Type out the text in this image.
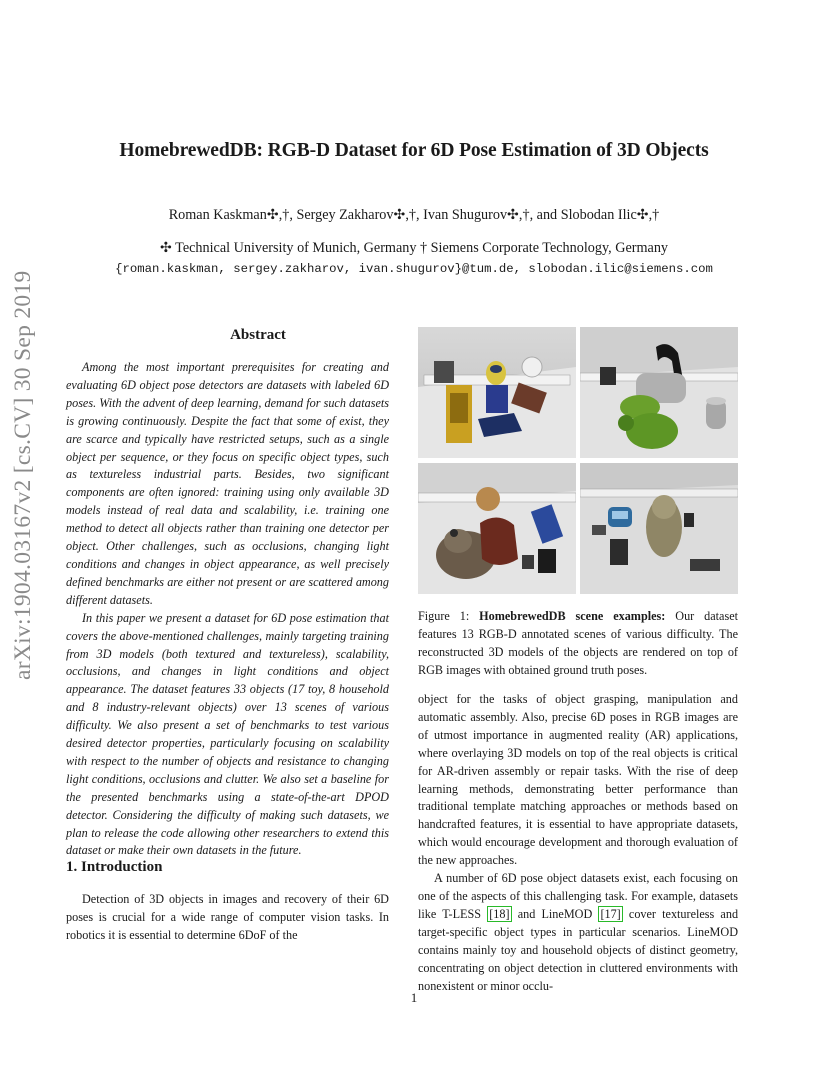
arXiv:1904.03167v2 [cs.CV] 30 Sep 2019
HomebrewedDB: RGB-D Dataset for 6D Pose Estimation of 3D Objects
Roman Kaskman✣,†, Sergey Zakharov✣,†, Ivan Shugurov✣,†, and Slobodan Ilic✣,†
✣ Technical University of Munich, Germany † Siemens Corporate Technology, Germany
{roman.kaskman, sergey.zakharov, ivan.shugurov}@tum.de, slobodan.ilic@siemens.com
Abstract

Among the most important prerequisites for creating and evaluating 6D object pose detectors are datasets with labeled 6D poses. With the advent of deep learning, demand for such datasets is growing continuously. Despite the fact that some of exist, they are scarce and typically have restricted setups, such as a single object per sequence, or they focus on specific object types, such as textureless industrial parts. Besides, two significant components are often ignored: training using only available 3D models instead of real data and scalability, i.e. training one method to detect all objects rather than training one detector per object. Other challenges, such as occlusions, changing light conditions and changes in object appearance, as well precisely defined benchmarks are either not present or are scattered among different datasets.

In this paper we present a dataset for 6D pose estimation that covers the above-mentioned challenges, mainly targeting training from 3D models (both textured and textureless), scalability, occlusions, and changes in light conditions and object appearance. The dataset features 33 objects (17 toy, 8 household and 8 industry-relevant objects) over 13 scenes of various difficulty. We also present a set of benchmarks to test various desired detector properties, particularly focusing on scalability with respect to the number of objects and resistance to changing light conditions, occlusions and clutter. We also set a baseline for the presented benchmarks using a state-of-the-art DPOD detector. Considering the difficulty of making such datasets, we plan to release the code allowing other researchers to extend this dataset or make their own datasets in the future.

1. Introduction

Detection of 3D objects in images and recovery of their 6D poses is crucial for a wide range of computer vision tasks. In robotics it is essential to determine 6DoF of the

Figure 1: HomebrewedDB scene examples: Our dataset features 13 RGB-D annotated scenes of various difficulty. The reconstructed 3D models of the objects are rendered on top of RGB images with obtained ground truth poses.

object for the tasks of object grasping, manipulation and automatic assembly. Also, precise 6D poses in RGB images are of utmost importance in augmented reality (AR) applications, where overlaying 3D models on top of the real objects is critical for AR-driven assembly or repair tasks. With the rise of deep learning methods, demonstrating better performance than traditional template matching approaches or methods based on handcrafted features, it is essential to have appropriate datasets, which would encourage development and thorough evaluation of the new approaches.

A number of 6D pose object datasets exist, each focusing on one of the aspects of this challenging task. For example, datasets like T-LESS [18] and LineMOD [17] cover textureless and target-specific object types in particular scenarios. LineMOD contains mainly toy and household objects of distinct geometry, concentrating on object detection in cluttered environments with nonexistent or minor occlu-

1
